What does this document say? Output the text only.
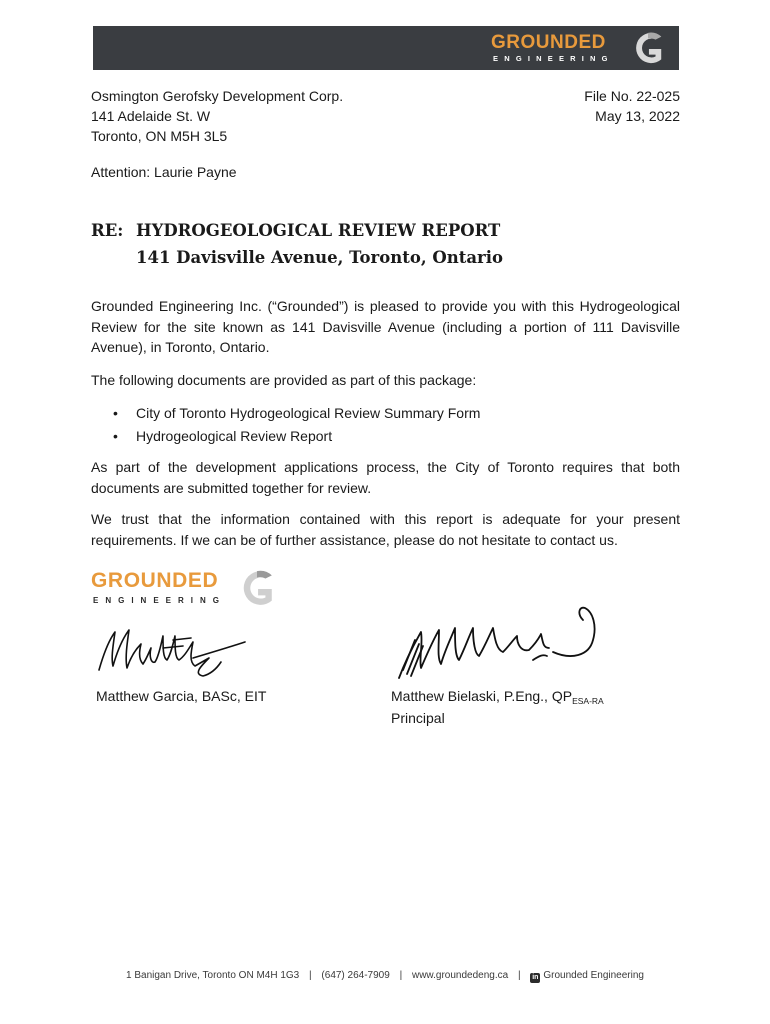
GROUNDED
ENGINEERING
Osmington Gerofsky Development Corp.
141 Adelaide St. W
Toronto, ON M5H 3L5
File No. 22-025
May 13, 2022
Attention: Laurie Payne
RE: HYDROGEOLOGICAL REVIEW REPORT
141 Davisville Avenue, Toronto, Ontario
Grounded Engineering Inc. (“Grounded”) is pleased to provide you with this Hydrogeological Review for the site known as 141 Davisville Avenue (including a portion of 111 Davisville Avenue), in Toronto, Ontario.
The following documents are provided as part of this package:
• City of Toronto Hydrogeological Review Summary Form
• Hydrogeological Review Report
As part of the development applications process, the City of Toronto requires that both documents are submitted together for review.
We trust that the information contained with this report is adequate for your present requirements. If we can be of further assistance, please do not hesitate to contact us.
GROUNDED
ENGINEERING
Matthew Garcia, BASc, EIT	Matthew Bielaski, P.Eng., $QP_{ESA-RA}$
Principal
1 Banigan Drive, Toronto ON M4H 1G3 | (647) 264-7909 | www.groundedeng.ca | in Grounded Engineering
